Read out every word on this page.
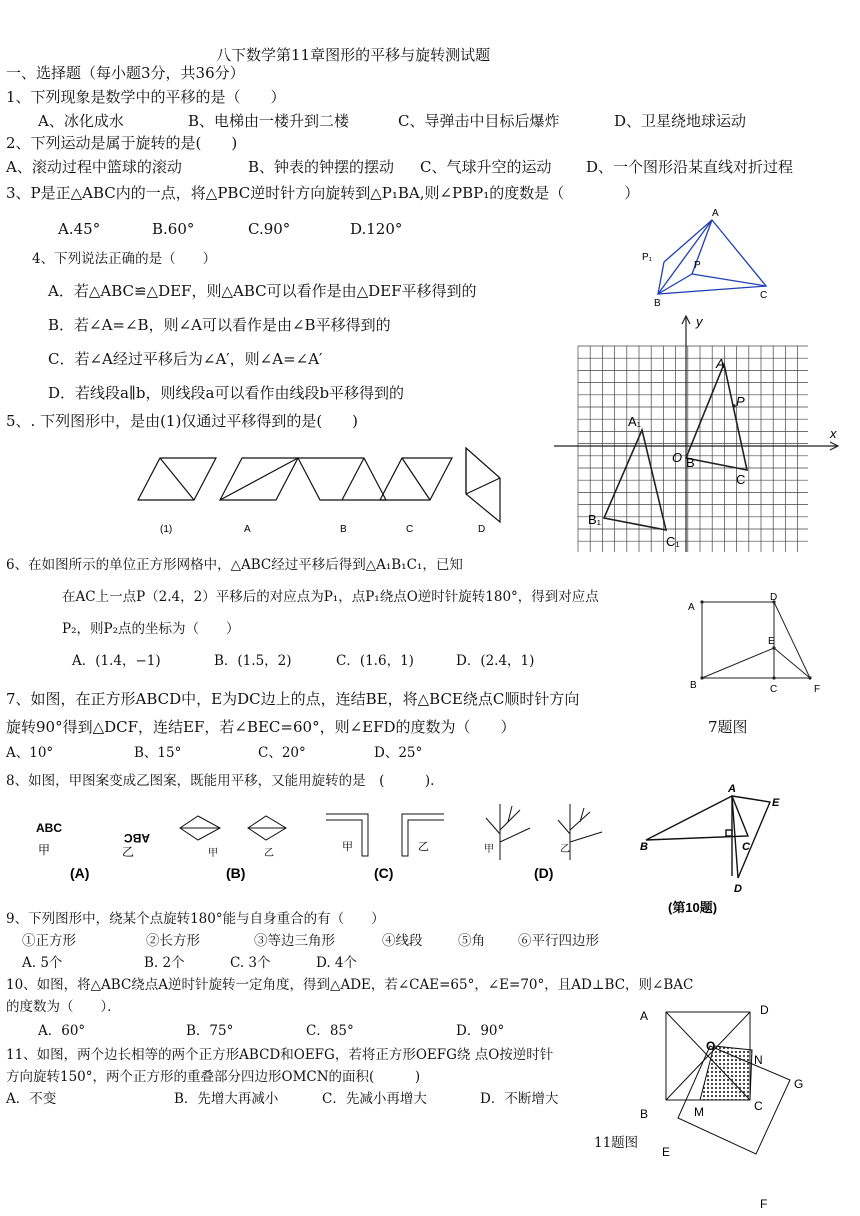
八下数学第11章图形的平移与旋转测试题
一、选择题（每小题3分，共36分）
1、下列现象是数学中的平移的是（　　）
A、冰化成水	B、电梯由一楼升到二楼	C、导弹击中目标后爆炸	D、卫星绕地球运动
2、下列运动是属于旋转的是(　　)
A、滚动过程中篮球的滚动	B、钟表的钟摆的摆动 C、气球升空的运动 D、一个图形沿某直线对折过程
3、P是正△ABC内的一点，将△PBC逆时针方向旋转到△P₁BA,则∠PBP₁的度数是（　　　　）
A.45°	B.60°	C.90°	D.120°
A
P₁
P
B
C
4、下列说法正确的是（　　）
A．若△ABC≌△DEF，则△ABC可以看作是由△DEF平移得到的
B．若∠A=∠B，则∠A可以看作是由∠B平移得到的
C．若∠A经过平移后为∠A′，则∠A=∠A′
D．若线段a∥b，则线段a可以看作由线段b平移得到的
y
x
A
A₁
P
O B
C
B₁
C₁
5、. 下列图形中，是由(1)仅通过平移得到的是(　　)
(1)	A	B	C	D
6、在如图所示的单位正方形网格中，△ABC经过平移后得到△A₁B₁C₁，已知
在AC上一点P（2.4，2）平移后的对应点为P₁，点P₁绕点O逆时针旋转180°，得到对应点
P₂，则P₂点的坐标为（　　）
A．(1.4，−1)	B．(1.5，2)	C．(1.6，1)	D．(2.4，1)
A
D
E
B	C	F
7、如图，在正方形ABCD中，E为DC边上的点，连结BE，将△BCE绕点C顺时针方向
旋转90°得到△DCF，连结EF，若∠BEC=60°，则∠EFD的度数为（　　）	7题图
A、10°	B、15°	C、20°	D、25°
8、如图，甲图案变成乙图案，既能用平移，又能用旋转的是　(　　　).
ABC
ABC
甲	乙
(A)
甲	乙
(B)
甲	乙
(C)
甲	乙
(D)
A
B	C
D
E
(第10题)
9、下列图形中，绕某个点旋转180°能与自身重合的有（　　）
①正方形	②长方形	③等边三角形	④线段	⑤角 ⑥平行四边形
A. 5个	B. 2个	C. 3个	D. 4个
10、如图，将△ABC绕点A逆时针旋转一定角度，得到△ADE，若∠CAE=65°，∠E=70°，且AD⊥BC，则∠BAC
的度数为（　　）．
A．60°	B．75°	C．85°	D．90°
11、如图，两个边长相等的两个正方形ABCD和OEFG，若将正方形OEFG绕 点O按逆时针
方向旋转150°，两个正方形的重叠部分四边形OMCN的面积(　　　)
A．不变	B．先增大再减小	C．先减小再增大	D．不断增大
11题图
A	D
O
N
G
B	M	C
E
F
